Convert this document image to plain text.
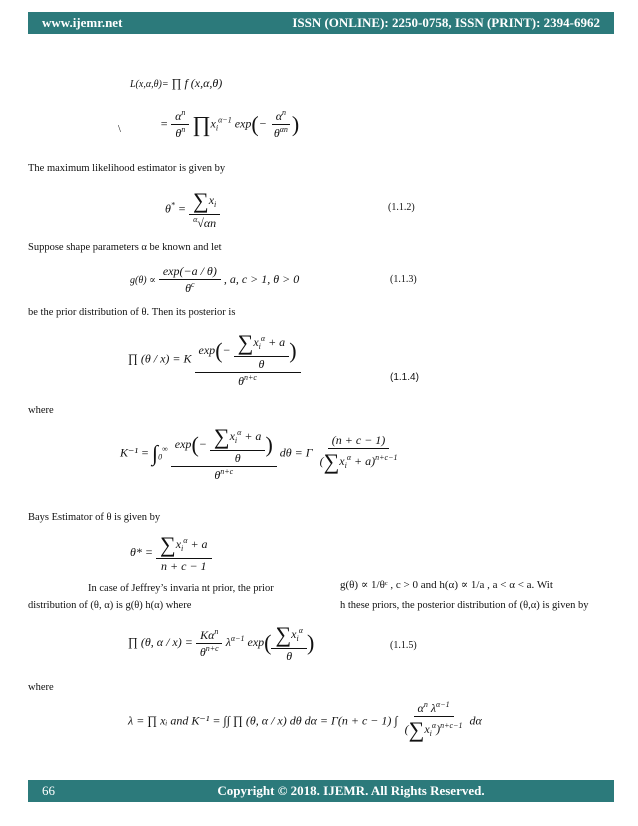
www.ijemr.net	ISSN (ONLINE): 2250-0758, ISSN (PRINT): 2394-6962
L(x,α,θ)= ∏ f (x,α,θ)
\	= $\frac{\alpha^n}{\theta^n}$ $\prod x_i^{\alpha-1}$ $\exp(- \frac{\alpha^n}{\theta^{\alpha n}}$ )
The maximum likelihood estimator is given by
$\theta^* = \frac{\sum x_i}{^\alpha√\alpha n}$	(1.1.2)
Suppose shape parameters α be known and let
$g(\theta) \propto \frac{\exp(-a / \theta)}{\theta^c}$ , a, c > 1, θ > 0	(1.1.3)
be the prior distribution of θ. Then its posterior is
∏ (θ / x) = K $\frac{\exp(- \frac{\sum x_i^\alpha + a}{\theta} )}{\theta^{n+c}}$	(1.1.4)
where
$K^{-1} = \int_0^\infty \frac{\exp(- \frac{\sum x_i^\alpha + a}{\theta} )}{\theta^{n+c}}$ dθ = Γ $\frac{(n + c - 1)}{(\sum x_i^\alpha + a)^{n+c-1}}$
Bays Estimator of θ is given by
$\theta* = \frac{\sum x_i^\alpha + a}{n + c - 1}$
In case of Jeffrey’s invaria nt prior, the prior
distribution of (θ, α) is g(θ) h(α) where
g(θ) ∝ 1/θᶜ , c > 0 and h(α) ∝ 1/a , a < α < a. Wit
h these priors, the posterior distribution of (θ,α) is given by
∏ (θ, $\alpha / x) = \frac{K\alpha^n}{\theta^{n+c}} \lambda^{\alpha-1}$ $\exp( \frac{\sum x_i^\alpha}{\theta}$ )	(1.1.5)
where
λ = ∏ xᵢ and K⁻¹ = ∫∫ ∏ (θ, α / x) dθ dα = Γ(n + c − 1) ∫ $\frac{\alpha^n \lambda^{\alpha-1}}{(\sum x_i^\alpha)^{n+c-1}}$ dα
66	Copyright © 2018. IJEMR. All Rights Reserved.
